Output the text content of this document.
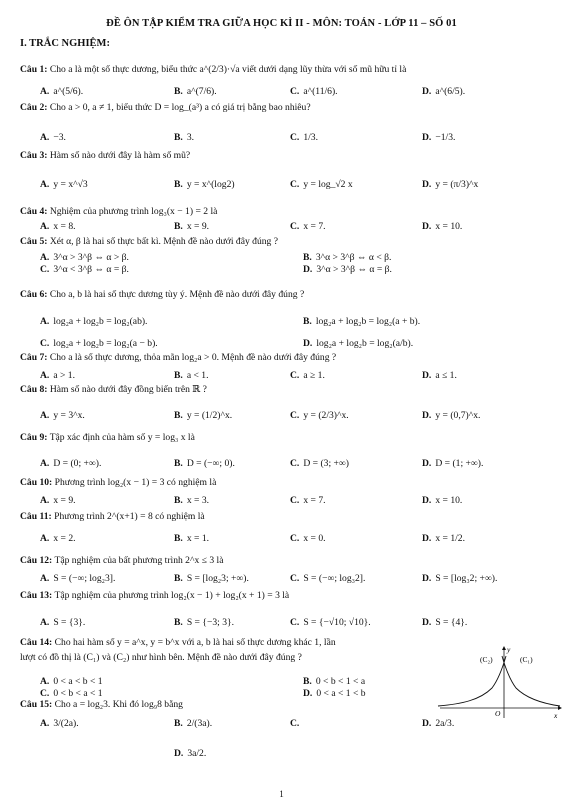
ĐỀ ÔN TẬP KIỂM TRA GIỮA HỌC KÌ II - MÔN: TOÁN - LỚP 11 – SỐ 01
I. TRẮC NGHIỆM:
Câu 1: Cho a là một số thực dương, biểu thức a^(2/3)·√a viết dưới dạng lũy thừa với số mũ hữu tỉ là
A. a^(5/6).	B. a^(7/6).	C. a^(11/6).	D. a^(6/5).
Câu 2: Cho a > 0, a ≠ 1, biểu thức D = log_(a³) a có giá trị bằng bao nhiêu?
A. −3.	B. 3.	C. 1/3.	D. −1/3.
Câu 3: Hàm số nào dưới đây là hàm số mũ?
A. y = x^√3	B. y = x^(log2)	C. y = log_√2 x	D. y = (π/3)^x
Câu 4: Nghiệm của phương trình log₃(x − 1) = 2 là
A. x = 8.	B. x = 9.	C. x = 7.	D. x = 10.
Câu 5: Xét α, β là hai số thực bất kì. Mệnh đề nào dưới đây đúng ?
A. 3^α > 3^β ⇔ α > β.	B. 3^α > 3^β ⇔ α < β.
C. 3^α < 3^β ⇔ α = β.	D. 3^α > 3^β ⇔ α = β.
Câu 6: Cho a, b là hai số thực dương tùy ý. Mệnh đề nào dưới đây đúng ?
A. log₂a + log₂b = log₂(ab).	B. log₂a + log₂b = log₂(a + b).
C. log₂a + log₂b = log₂(a − b).	D. log₂a + log₂b = log₂(a/b).
Câu 7: Cho a là số thực dương, thỏa mãn log₂a > 0. Mệnh đề nào dưới đây đúng ?
A. a > 1.	B. a < 1.	C. a ≥ 1.	D. a ≤ 1.
Câu 8: Hàm số nào dưới đây đồng biến trên ℝ ?
A. y = 3^x.	B. y = (1/2)^x.	C. y = (2/3)^x.	D. y = (0,7)^x.
Câu 9: Tập xác định của hàm số y = log₃ x là
A. D = (0; +∞).	B. D = (−∞; 0).	C. D = (3; +∞)	D. D = (1; +∞).
Câu 10: Phương trình log₂(x − 1) = 3 có nghiệm là
A. x = 9.	B. x = 3.	C. x = 7.	D. x = 10.
Câu 11: Phương trình 2^(x+1) = 8 có nghiệm là
A. x = 2.	B. x = 1.	C. x = 0.	D. x = 1/2.
Câu 12: Tập nghiệm của bất phương trình 2^x ≤ 3 là
A. S = (−∞; log₂3].	B. S = [log₂3; +∞).	C. S = (−∞; log₃2].	D. S = [log₃2; +∞).
Câu 13: Tập nghiệm của phương trình log₂(x − 1) + log₂(x + 1) = 3 là
A. S = {3}.	B. S = {−3; 3}.	C. S = {−√10; √10}.	D. S = {4}.
Câu 14: Cho hai hàm số y = a^x, y = b^x với a, b là hai số thực dương khác 1, lần
lượt có đồ thị là (C₁) và (C₂) như hình bên. Mệnh đề nào dưới đây đúng ?
A. 0 < a < b < 1	B. 0 < b < 1 < a
C. 0 < b < a < 1	D. 0 < a < 1 < b
Câu 15: Cho a = log₂3. Khi đó log₉8 bằng
A. 3/(2a).	B. 2/(3a).	C.	D. 2a/3.
D. 3a/2.
(C₂)	(C₁)
y
x
O
1
